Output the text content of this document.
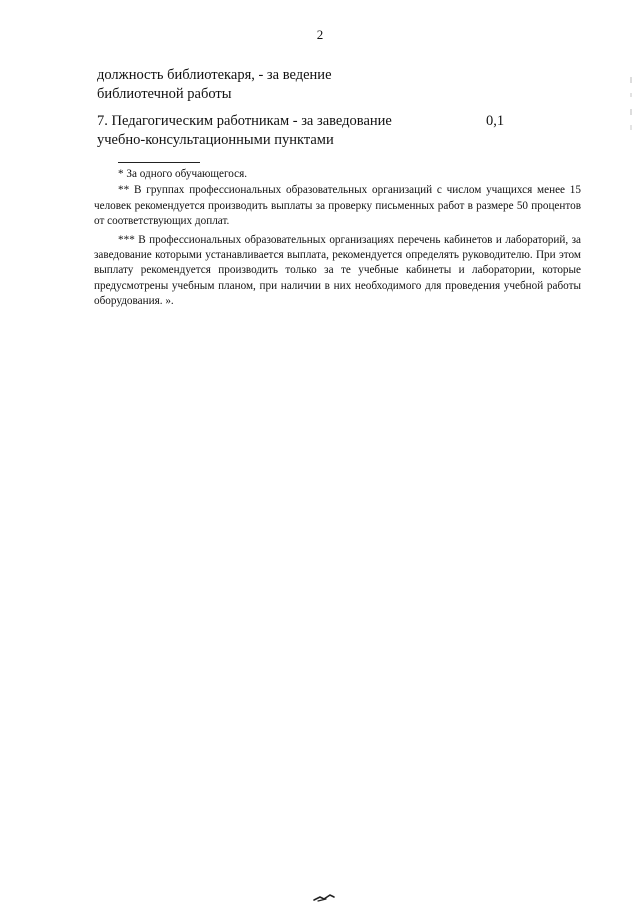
2
должность библиотекаря, - за ведение библиотечной работы
7. Педагогическим работникам - за заведование учебно-консультационными пунктами
0,1

* За одного обучающегося.

** В группах профессиональных образовательных организаций с числом учащихся менее 15 человек рекомендуется производить выплаты за проверку письменных работ в размере 50 процентов от соответствующих доплат.

*** В профессиональных образовательных организациях перечень кабинетов и лабораторий, за заведование которыми устанавливается выплата, рекомендуется определять руководителю. При этом выплату рекомендуется производить только за те учебные кабинеты и лаборатории, которые предусмотрены учебным планом, при наличии в них необходимого для проведения учебной работы оборудования. ».
